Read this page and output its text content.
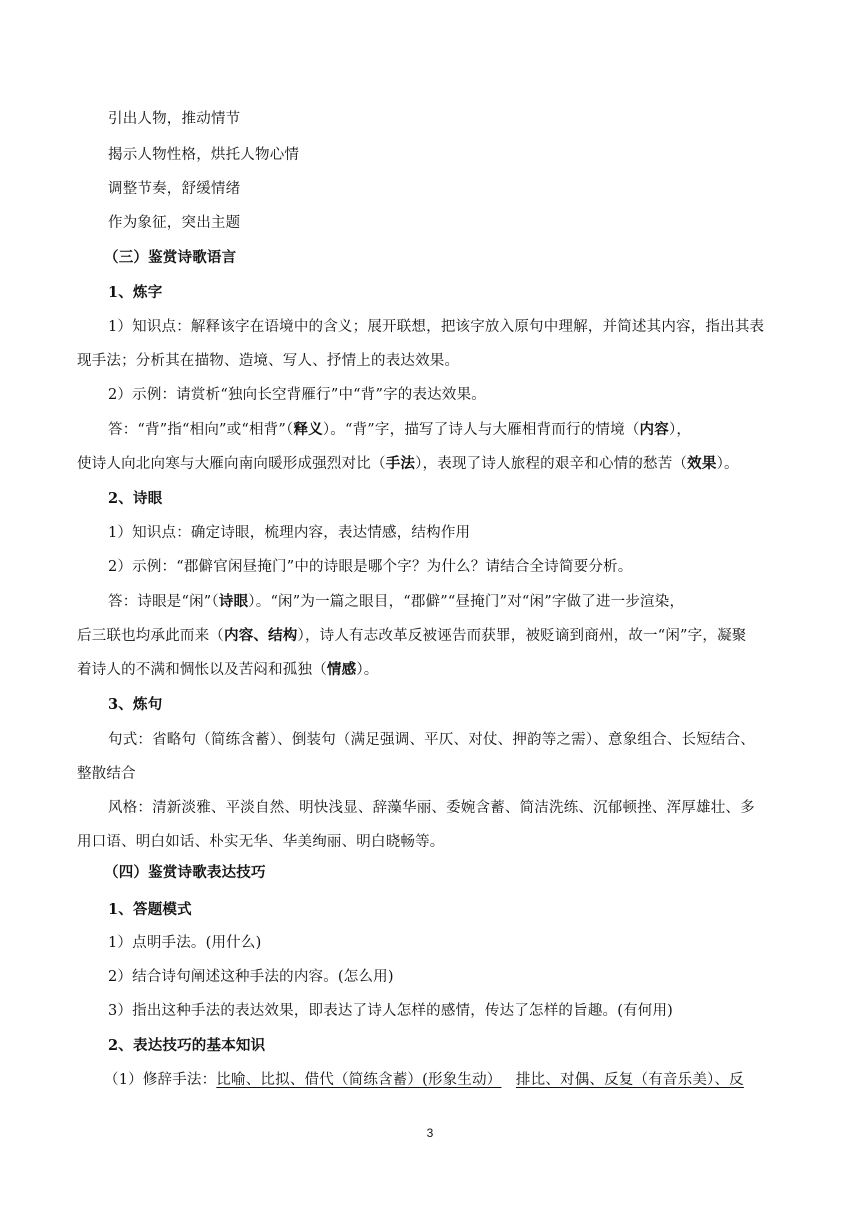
引出人物，推动情节
揭示人物性格，烘托人物心情
调整节奏，舒缓情绪
作为象征，突出主题
（三）鉴赏诗歌语言
1、炼字
1）知识点：解释该字在语境中的含义；展开联想，把该字放入原句中理解，并简述其内容，指出其表
现手法；分析其在描物、造境、写人、抒情上的表达效果。
2）示例：请赏析“独向长空背雁行”中“背”字的表达效果。
答：“背”指“相向”或“相背”（释义）。“背”字，描写了诗人与大雁相背而行的情境（内容），
使诗人向北向寒与大雁向南向暖形成强烈对比（手法），表现了诗人旅程的艰辛和心情的愁苦（效果）。
2、诗眼
1）知识点：确定诗眼，梳理内容，表达情感，结构作用
2）示例：“郡僻官闲昼掩门”中的诗眼是哪个字？为什么？请结合全诗简要分析。
答：诗眼是“闲”（诗眼）。“闲”为一篇之眼目，“郡僻”“昼掩门”对“闲”字做了进一步渲染，
后三联也均承此而来（内容、结构），诗人有志改革反被诬告而获罪，被贬谪到商州，故一“闲”字，凝聚
着诗人的不满和惆怅以及苦闷和孤独（情感）。
3、炼句
句式：省略句（简练含蓄）、倒装句（满足强调、平仄、对仗、押韵等之需）、意象组合、长短结合、
整散结合
风格：清新淡雅、平淡自然、明快浅显、辞藻华丽、委婉含蓄、简洁洗练、沉郁顿挫、浑厚雄壮、多
用口语、明白如话、朴实无华、华美绚丽、明白晓畅等。
（四）鉴赏诗歌表达技巧
1、答题模式
1）点明手法。(用什么)
2）结合诗句阐述这种手法的内容。(怎么用)
3）指出这种手法的表达效果，即表达了诗人怎样的感情，传达了怎样的旨趣。(有何用)
2、表达技巧的基本知识
（1）修辞手法：比喻、比拟、借代（简练含蓄）(形象生动） 排比、对偶、反复（有音乐美）、反
3
